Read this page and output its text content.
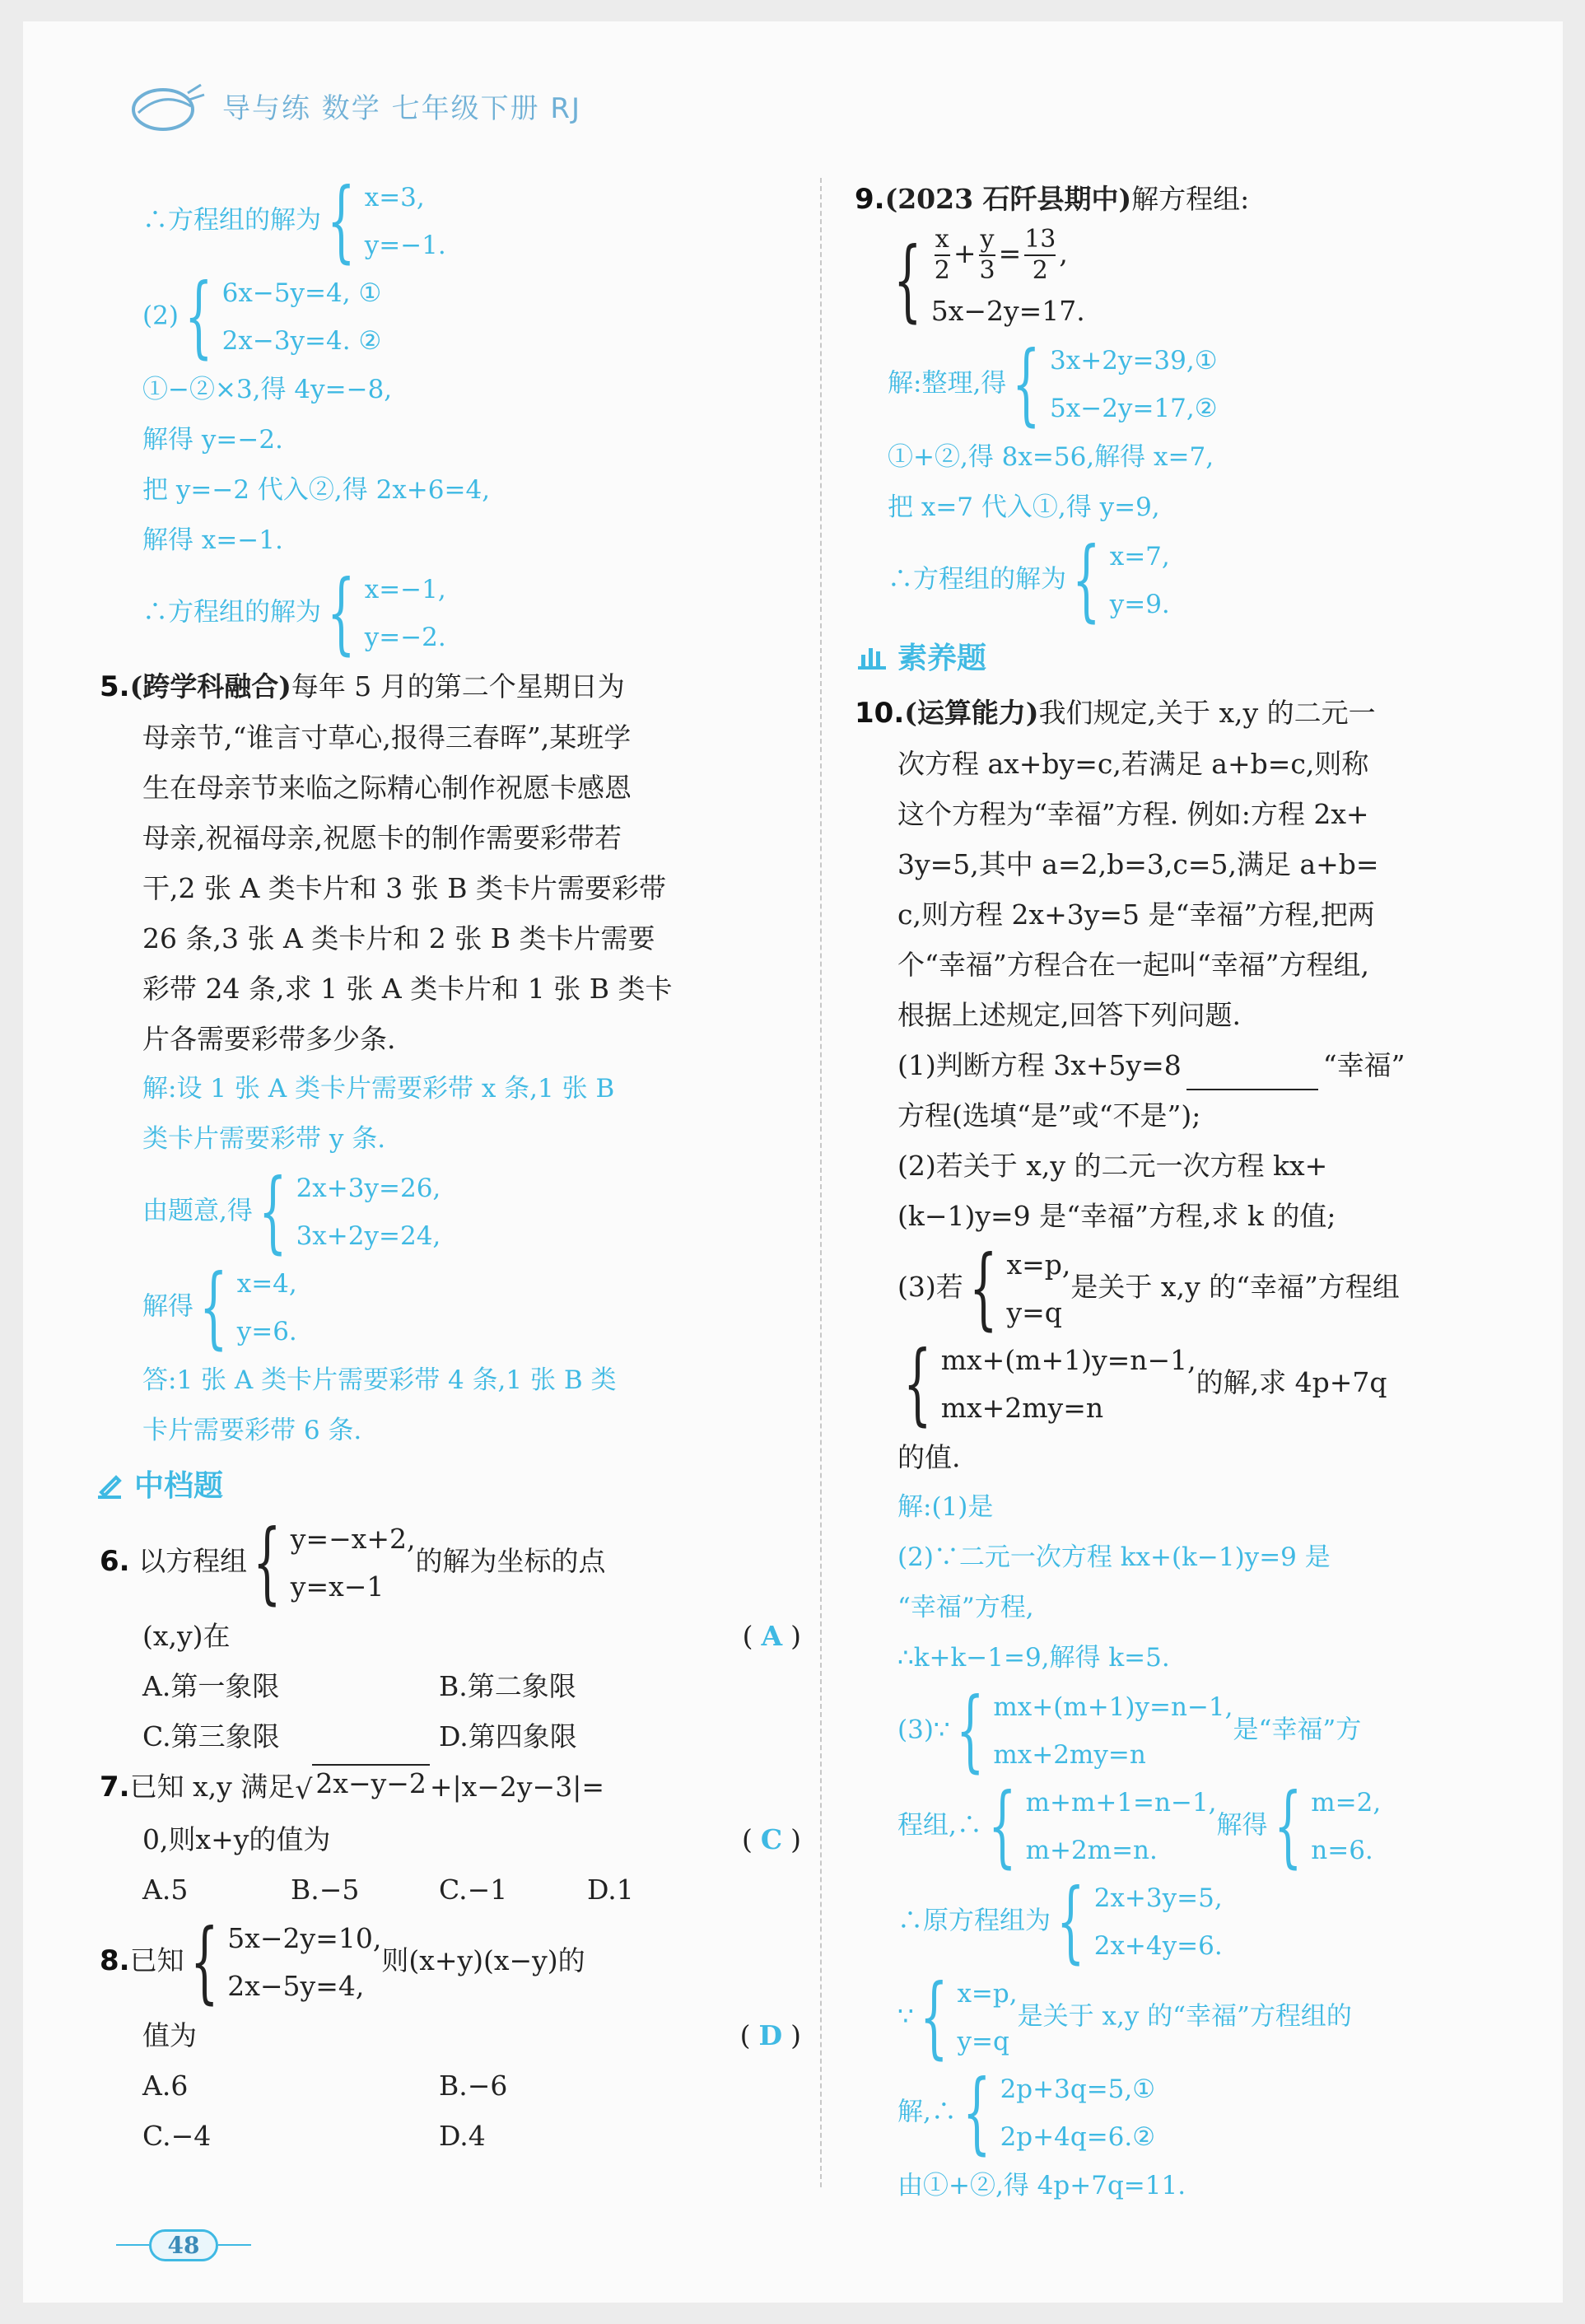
导与练 数学 七年级下册 RJ
∴方程组的解为 { x=3,
y=−1.
(2) { 6x−5y=4, ①
2x−3y=4. ②
①−②×3,得 4y=−8,
解得 y=−2.
把 y=−2 代入②,得 2x+6=4,
解得 x=−1.
∴方程组的解为 { x=−1,
y=−2.
5.(跨学科融合)每年 5 月的第二个星期日为
母亲节,“谁言寸草心,报得三春晖”,某班学
生在母亲节来临之际精心制作祝愿卡感恩
母亲,祝福母亲,祝愿卡的制作需要彩带若
干,2 张 A 类卡片和 3 张 B 类卡片需要彩带
26 条,3 张 A 类卡片和 2 张 B 类卡片需要
彩带 24 条,求 1 张 A 类卡片和 1 张 B 类卡
片各需要彩带多少条.
解:设 1 张 A 类卡片需要彩带 x 条,1 张 B
类卡片需要彩带 y 条.
由题意,得 { 2x+3y=26,
3x+2y=24,
解得 { x=4,
y=6.
答:1 张 A 类卡片需要彩带 4 条,1 张 B 类
卡片需要彩带 6 条.
中档题
6. 以方程组 { y=−x+2,
y=x−1
的解为坐标的点
(x,y)在	( A )
A.第一象限	B.第二象限
C.第三象限	D.第四象限
7.已知 x,y 满足√ 2x−y−2 +|x−2y−3|=
0,则x+y的值为	( C )
A.5	B.−5	C.−1	D.1
8.已知 { 5x−2y=10,
2x−5y=4,
则(x+y)(x−y)的
值为	( D )
A.6	B.−6
C.−4	D.4
9.(2023 石阡县期中)解方程组:
{ $\frac{x}{2} + \frac{y}{3} = \frac{13}{2}$ ,
5x−2y=17.
解:整理,得 { 3x+2y=39,①
5x−2y=17,②
①+②,得 8x=56,解得 x=7,
把 x=7 代入①,得 y=9,
∴方程组的解为 { x=7,
y=9.
素养题
10.(运算能力)我们规定,关于 x,y 的二元一
次方程 ax+by=c,若满足 a+b=c,则称
这个方程为“幸福”方程. 例如:方程 2x+
3y=5,其中 a=2,b=3,c=5,满足 a+b=
c,则方程 2x+3y=5 是“幸福”方程,把两
个“幸福”方程合在一起叫“幸福”方程组,
根据上述规定,回答下列问题.
(1)判断方程 3x+5y=8	“幸福”
方程(选填“是”或“不是”);
(2)若关于 x,y 的二元一次方程 kx+
(k−1)y=9 是“幸福”方程,求 k 的值;
(3)若 { x=p,
y=q
是关于 x,y 的“幸福”方程组
{ mx+(m+1)y=n−1,
mx+2my=n
的解,求 4p+7q
的值.
解:(1)是
(2)∵二元一次方程 kx+(k−1)y=9 是
“幸福”方程,
∴k+k−1=9,解得 k=5.
(3)∵ { mx+(m+1)y=n−1,
mx+2my=n
是“幸福”方
程组,∴ { m+m+1=n−1,
m+2m=n.
解得 { m=2,
n=6.
∴原方程组为 { 2x+3y=5,
2x+4y=6.
∵ { x=p,
y=q
是关于 x,y 的“幸福”方程组的
解,∴ { 2p+3q=5,①
2p+4q=6.②
由①+②,得 4p+7q=11.
48
